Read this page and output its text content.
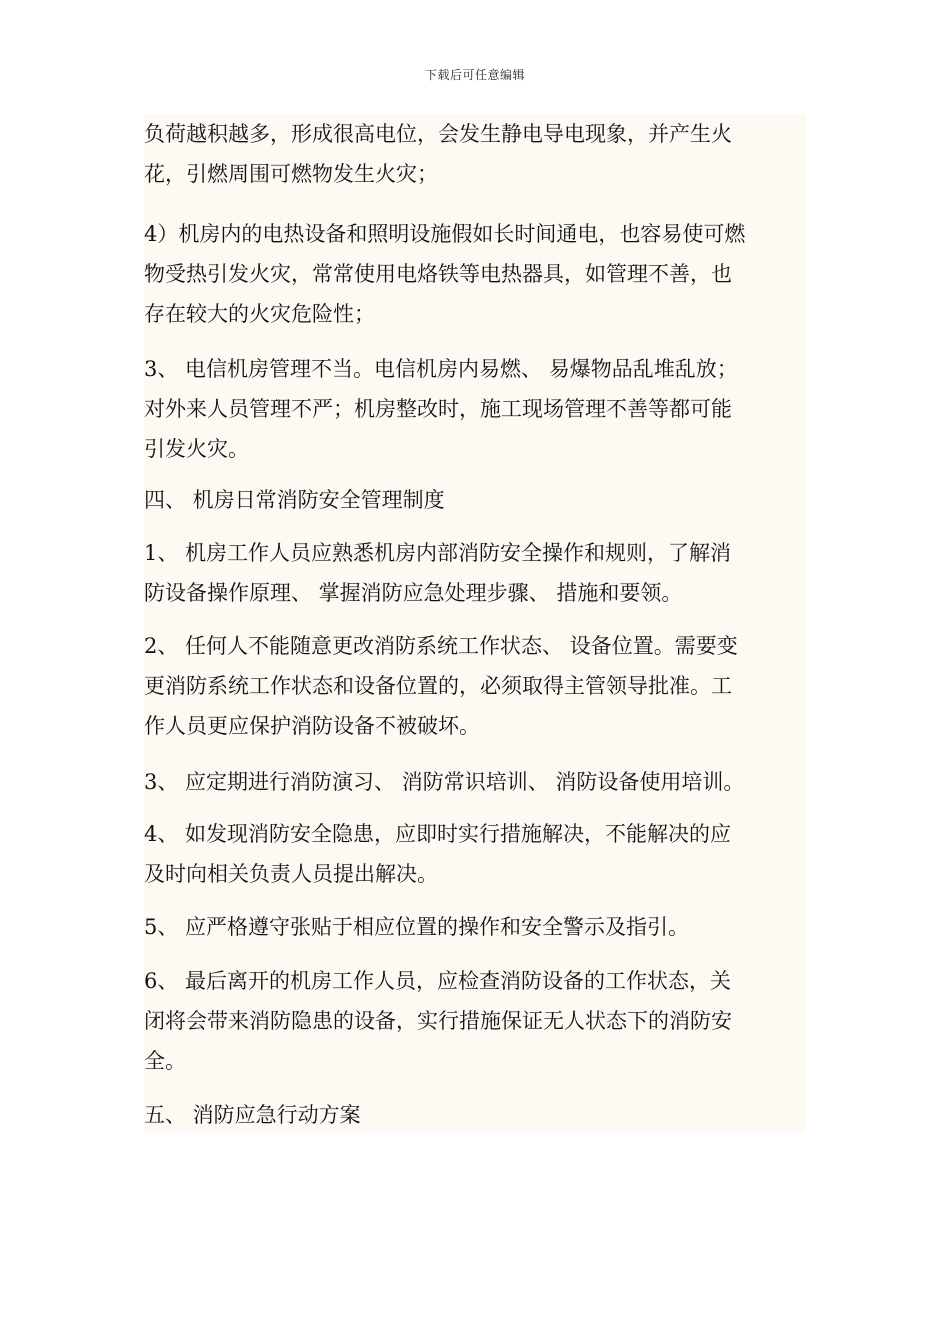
下载后可任意编辑
负荷越积越多，形成很高电位，会发生静电导电现象，并产生火
花，引燃周围可燃物发生火灾；
4）机房内的电热设备和照明设施假如长时间通电，也容易使可燃
物受热引发火灾，常常使用电烙铁等电热器具，如管理不善，也
存在较大的火灾危险性；
3、 电信机房管理不当。电信机房内易燃、 易爆物品乱堆乱放；
对外来人员管理不严；机房整改时，施工现场管理不善等都可能
引发火灾。
四、 机房日常消防安全管理制度
1、 机房工作人员应熟悉机房内部消防安全操作和规则，了解消
防设备操作原理、 掌握消防应急处理步骤、 措施和要领。
2、 任何人不能随意更改消防系统工作状态、 设备位置。需要变
更消防系统工作状态和设备位置的，必须取得主管领导批准。工
作人员更应保护消防设备不被破坏。
3、 应定期进行消防演习、 消防常识培训、 消防设备使用培训。
4、 如发现消防安全隐患，应即时实行措施解决，不能解决的应
及时向相关负责人员提出解决。
5、 应严格遵守张贴于相应位置的操作和安全警示及指引。
6、 最后离开的机房工作人员，应检查消防设备的工作状态，关
闭将会带来消防隐患的设备，实行措施保证无人状态下的消防安
全。
五、 消防应急行动方案
